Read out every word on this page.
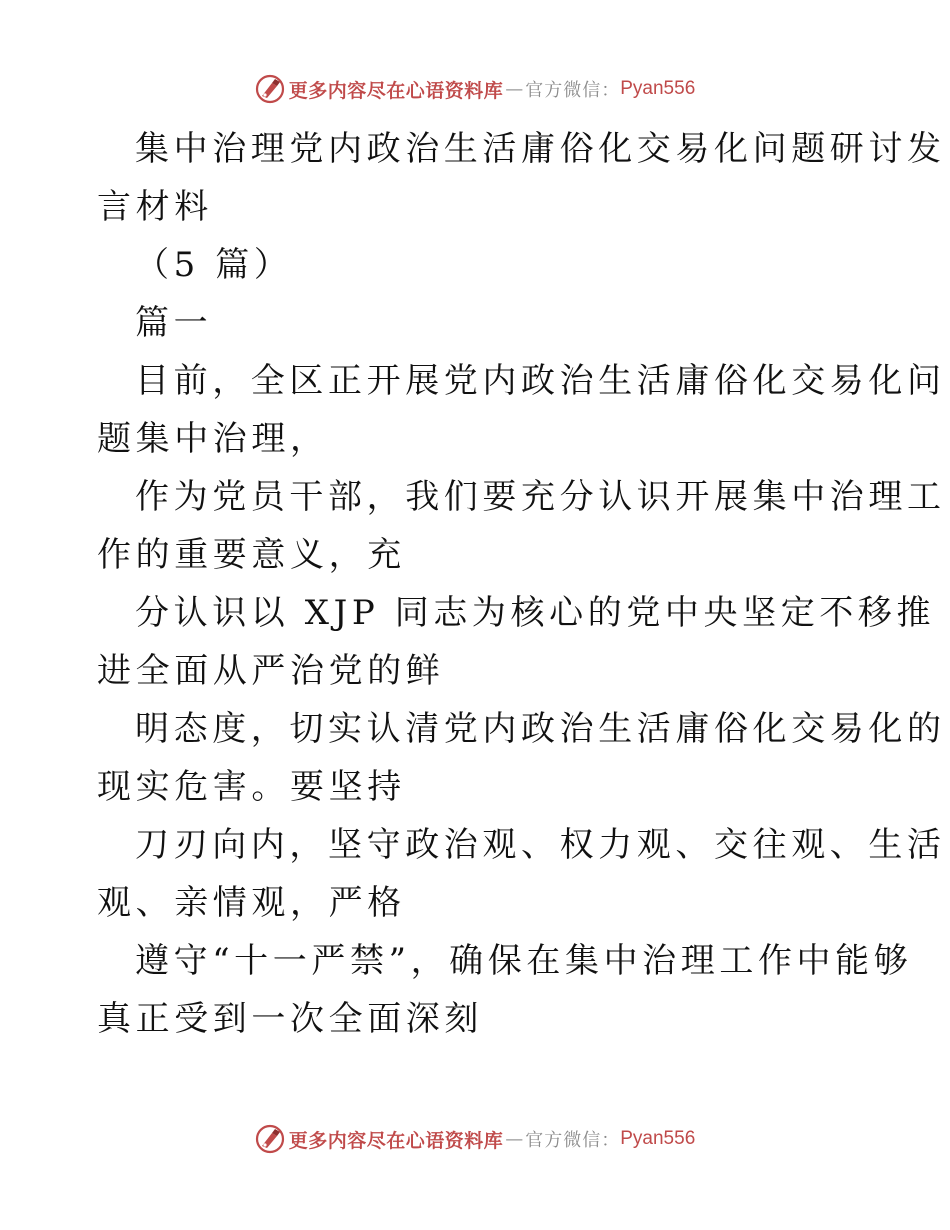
更多内容尽在心语资料库 — 官方微信： Pyan556
集中治理党内政治生活庸俗化交易化问题研讨发
言材料
（5 篇）
篇一
目前，全区正开展党内政治生活庸俗化交易化问
题集中治理，
作为党员干部，我们要充分认识开展集中治理工
作的重要意义，充
分认识以 XJP 同志为核心的党中央坚定不移推
进全面从严治党的鲜
明态度，切实认清党内政治生活庸俗化交易化的
现实危害。要坚持
刀刃向内，坚守政治观、权力观、交往观、生活
观、亲情观，严格
遵守“十一严禁”，确保在集中治理工作中能够
真正受到一次全面深刻
更多内容尽在心语资料库 — 官方微信： Pyan556
